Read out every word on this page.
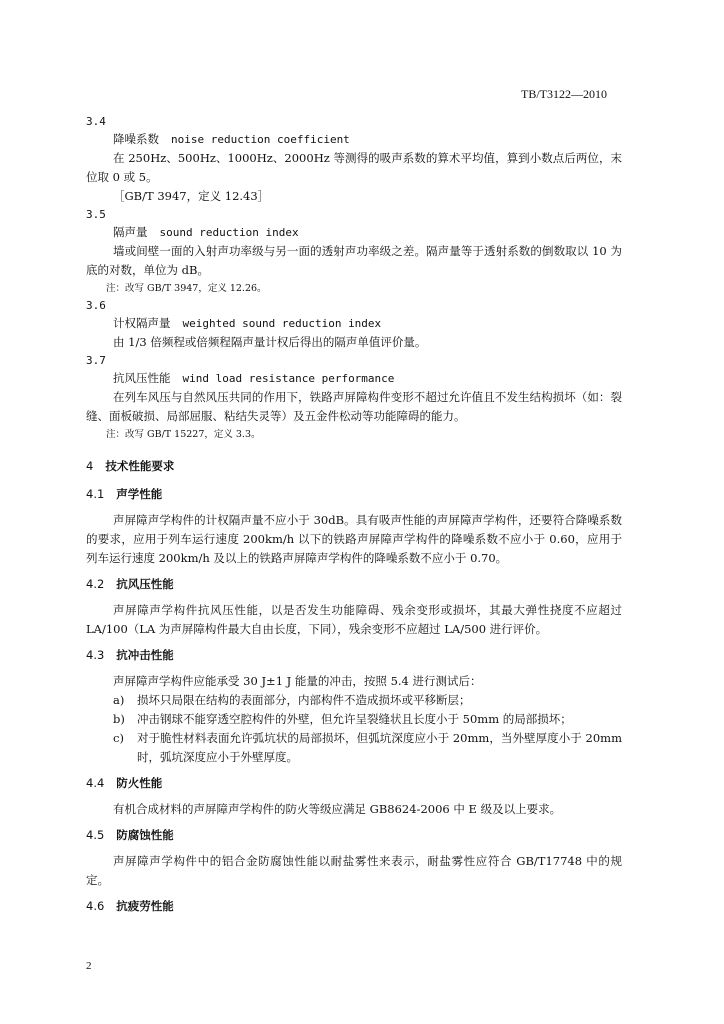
TB/T3122—2010
3.4
降噪系数 noise reduction coefficient

在 250Hz、500Hz、1000Hz、2000Hz 等测得的吸声系数的算术平均值，算到小数点后两位，末位取 0 或 5。

［GB/T 3947，定义 12.43］
3.5
隔声量 sound reduction index

墙或间壁一面的入射声功率级与另一面的透射声功率级之差。隔声量等于透射系数的倒数取以 10 为底的对数，单位为 dB。

注：改写 GB/T 3947，定义 12.26。
3.6
计权隔声量 weighted sound reduction index

由 1/3 倍频程或倍频程隔声量计权后得出的隔声单值评价量。

3.7
抗风压性能 wind load resistance performance

在列车风压与自然风压共同的作用下，铁路声屏障构件变形不超过允许值且不发生结构损坏（如：裂缝、面板破损、局部屈服、粘结失灵等）及五金件松动等功能障碍的能力。

注：改写 GB/T 15227，定义 3.3。
4 技术性能要求
4.1 声学性能

声屏障声学构件的计权隔声量不应小于 30dB。具有吸声性能的声屏障声学构件，还要符合降噪系数的要求，应用于列车运行速度 200km/h 以下的铁路声屏障声学构件的降噪系数不应小于 0.60，应用于列车运行速度 200km/h 及以上的铁路声屏障声学构件的降噪系数不应小于 0.70。

4.2 抗风压性能

声屏障声学构件抗风压性能，以是否发生功能障碍、残余变形或损坏，其最大弹性挠度不应超过 LA/100（LA 为声屏障构件最大自由长度，下同），残余变形不应超过 LA/500 进行评价。

4.3 抗冲击性能

声屏障声学构件应能承受 30 J±1 J 能量的冲击，按照 5.4 进行测试后：

a) 损坏只局限在结构的表面部分，内部构件不造成损坏或平移断层；
b) 冲击钢球不能穿透空腔构件的外壁，但允许呈裂缝状且长度小于 50mm 的局部损坏；
c) 对于脆性材料表面允许弧坑状的局部损坏，但弧坑深度应小于 20mm，当外壁厚度小于 20mm 时，弧坑深度应小于外壁厚度。
4.4 防火性能

有机合成材料的声屏障声学构件的防火等级应满足 GB8624-2006 中 E 级及以上要求。

4.5 防腐蚀性能

声屏障声学构件中的铝合金防腐蚀性能以耐盐雾性来表示，耐盐雾性应符合 GB/T17748 中的规定。

4.6 抗疲劳性能
2
